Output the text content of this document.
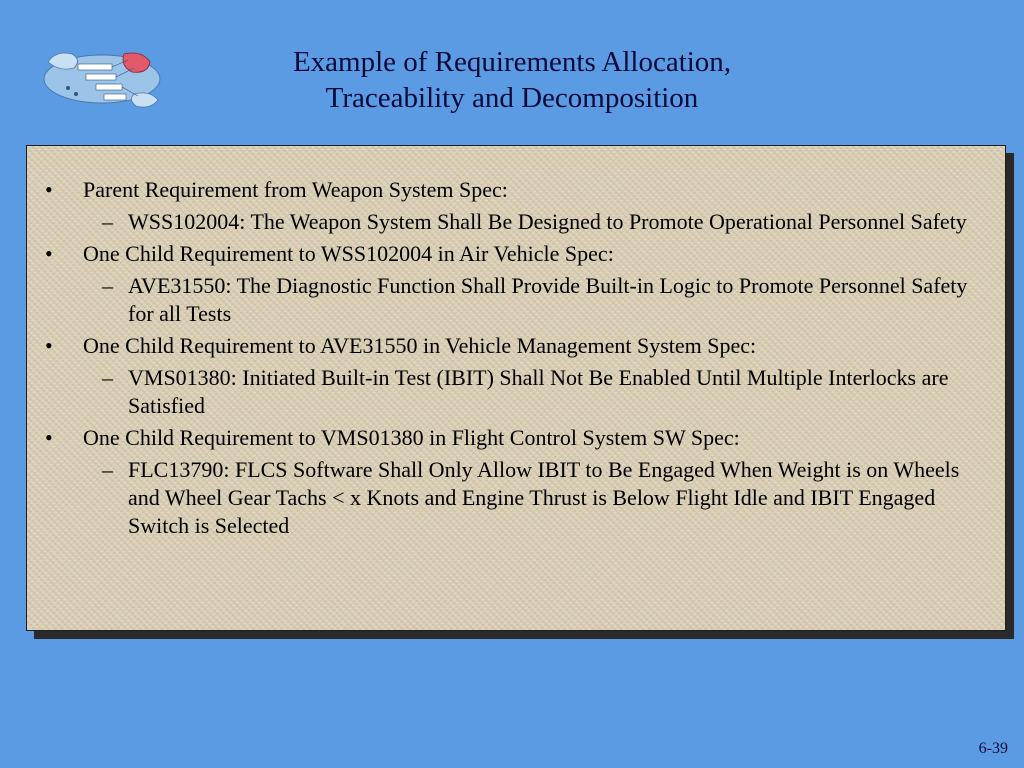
Example of Requirements Allocation,
Traceability and Decomposition
• Parent Requirement from Weapon System Spec:
– WSS102004: The Weapon System Shall Be Designed to Promote Operational Personnel Safety
• One Child Requirement to WSS102004 in Air Vehicle Spec:
– AVE31550: The Diagnostic Function Shall Provide Built-in Logic to Promote Personnel Safety for all Tests
• One Child Requirement to AVE31550 in Vehicle Management System Spec:
– VMS01380: Initiated Built-in Test (IBIT) Shall Not Be Enabled Until Multiple Interlocks are Satisfied
• One Child Requirement to VMS01380 in Flight Control System SW Spec:
– FLC13790: FLCS Software Shall Only Allow IBIT to Be Engaged When Weight is on Wheels and Wheel Gear Tachs < x Knots and Engine Thrust is Below Flight Idle and IBIT Engaged Switch is Selected
6-39
